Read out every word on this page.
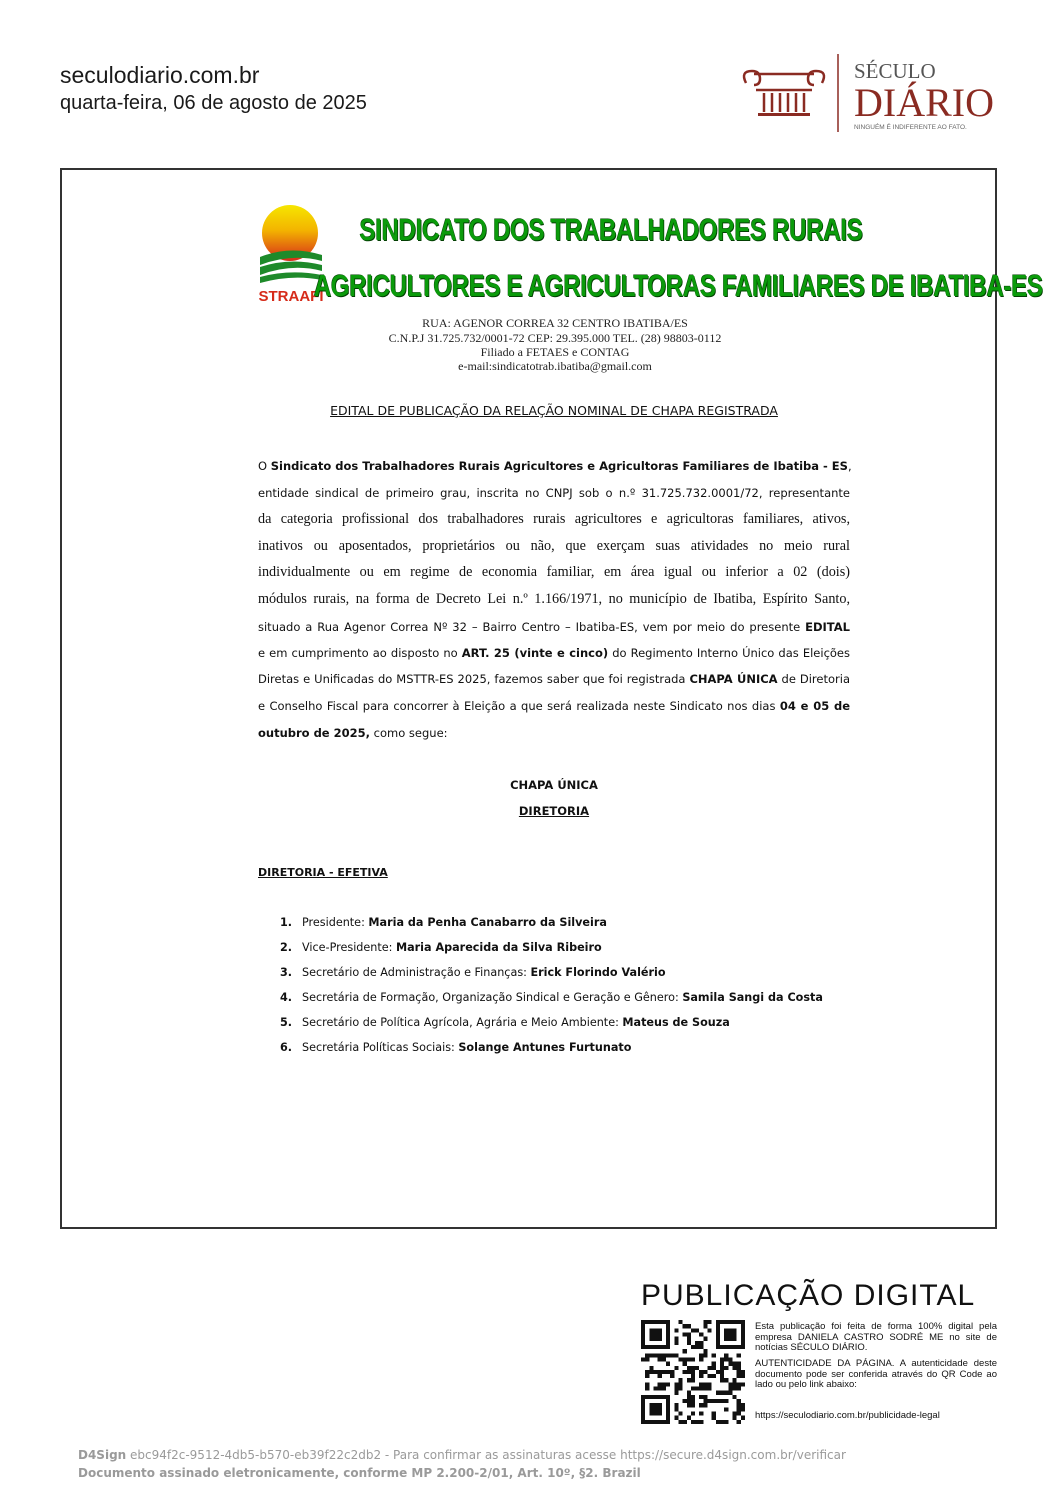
seculodiario.com.br
quarta-feira, 06 de agosto de 2025
SÉCULO
DIÁRIO
NINGUÉM É INDIFERENTE AO FATO.
STRAAFI
SINDICATO DOS TRABALHADORES RURAIS
AGRICULTORES E AGRICULTORAS FAMILIARES DE IBATIBA-ES
RUA: AGENOR CORREA 32 CENTRO IBATIBA/ES
C.N.P.J 31.725.732/0001-72 CEP: 29.395.000 TEL. (28) 98803-0112
Filiado a FETAES e CONTAG
e-mail:sindicatotrab.ibatiba@gmail.com
EDITAL DE PUBLICAÇÃO DA RELAÇÃO NOMINAL DE CHAPA REGISTRADA
O Sindicato dos Trabalhadores Rurais Agricultores e Agricultoras Familiares de Ibatiba - ES,
entidade sindical de primeiro grau, inscrita no CNPJ sob o n.º 31.725.732.0001/72, representante
da categoria profissional dos trabalhadores rurais agricultores e agricultoras familiares, ativos,
inativos ou aposentados, proprietários ou não, que exerçam suas atividades no meio rural
individualmente ou em regime de economia familiar, em área igual ou inferior a 02 (dois)
módulos rurais, na forma de Decreto Lei n.º 1.166/1971, no município de Ibatiba, Espírito Santo,
situado a Rua Agenor Correa Nº 32 – Bairro Centro – Ibatiba-ES, vem por meio do presente EDITAL
e em cumprimento ao disposto no ART. 25 (vinte e cinco) do Regimento Interno Único das Eleições
Diretas e Unificadas do MSTTR-ES 2025, fazemos saber que foi registrada CHAPA ÚNICA de Diretoria
e Conselho Fiscal para concorrer à Eleição a que será realizada neste Sindicato nos dias 04 e 05 de
outubro de 2025, como segue:
CHAPA ÚNICA
DIRETORIA
DIRETORIA - EFETIVA
1. Presidente: Maria da Penha Canabarro da Silveira
2. Vice-Presidente: Maria Aparecida da Silva Ribeiro
3. Secretário de Administração e Finanças: Erick Florindo Valério
4. Secretária de Formação, Organização Sindical e Geração e Gênero: Samila Sangi da Costa
5. Secretário de Política Agrícola, Agrária e Meio Ambiente: Mateus de Souza
6. Secretária Políticas Sociais: Solange Antunes Furtunato
PUBLICAÇÃO DIGITAL
Esta publicação foi feita de forma 100% digital pela empresa DANIELA CASTRO SODRÉ ME no site de notícias SÉCULO DIÁRIO.
AUTENTICIDADE DA PÁGINA. A autenticidade deste documento pode ser conferida através do QR Code ao lado ou pelo link abaixo:
https://seculodiario.com.br/publicidade-legal
D4Sign ebc94f2c-9512-4db5-b570-eb39f22c2db2 - Para confirmar as assinaturas acesse https://secure.d4sign.com.br/verificar
Documento assinado eletronicamente, conforme MP 2.200-2/01, Art. 10º, §2. Brazil
